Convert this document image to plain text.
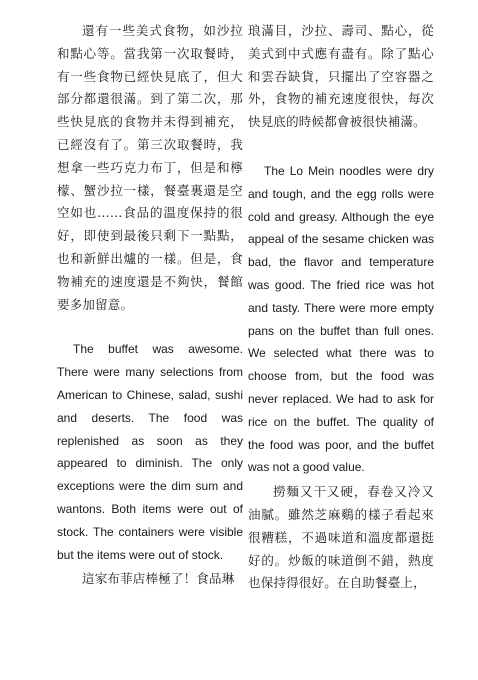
還有一些美式食物，如沙拉和點心等。當我第一次取餐時，有一些食物已經快見底了，但大部分都還很滿。到了第二次，那些快見底的食物并未得到補充，已經沒有了。第三次取餐時，我想拿一些巧克力布丁，但是和檸檬、蟹沙拉一樣，餐臺裏還是空空如也……食品的溫度保持的很好，即使到最後只剩下一點點，也和新鮮出爐的一樣。但是，食物補充的速度還是不夠快，餐館要多加留意。

The buffet was awesome. There were many selections from American to Chinese, salad, sushi and deserts. The food was replenished as soon as they appeared to diminish. The only exceptions were the dim sum and wantons. Both items were out of stock. The containers were visible but the items were out of stock.

這家布菲店棒極了！食品琳

琅滿目，沙拉、壽司、點心，從美式到中式應有盡有。除了點心和雲吞缺貨，只擺出了空容器之外，食物的補充速度很快，每次快見底的時候都會被很快補滿。

The Lo Mein noodles were dry and tough, and the egg rolls were cold and greasy. Although the eye appeal of the sesame chicken was bad, the flavor and temperature was good. The fried rice was hot and tasty. There were more empty pans on the buffet than full ones. We selected what there was to choose from, but the food was never replaced. We had to ask for rice on the buffet. The quality of the food was poor, and the buffet was not a good value.

撈麵又干又硬，春卷又冷又油膩。雖然芝麻鷄的樣子看起來很糟糕，不過味道和溫度都還挺好的。炒飯的味道倒不錯，熱度也保持得很好。在自助餐臺上，
